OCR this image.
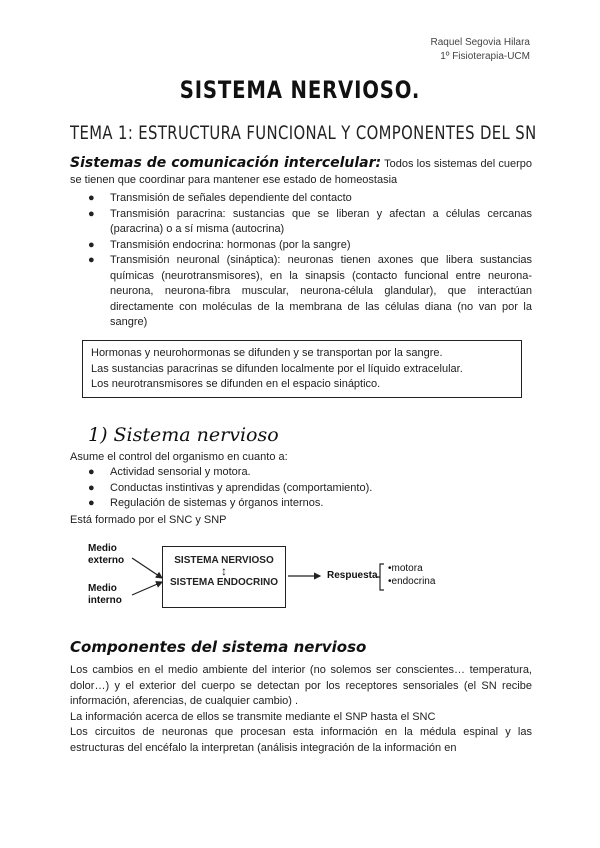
Raquel Segovia Hilara
1º Fisioterapia-UCM
SISTEMA NERVIOSO.
TEMA 1: ESTRUCTURA FUNCIONAL Y COMPONENTES DEL SN
Sistemas de comunicación intercelular: Todos los sistemas del cuerpo se tienen que coordinar para mantener ese estado de homeostasia
● Transmisión de señales dependiente del contacto
● Transmisión paracrina: sustancias que se liberan y afectan a células cercanas (paracrina) o a sí misma (autocrina)
● Transmisión endocrina: hormonas (por la sangre)
● Transmisión neuronal (sináptica): neuronas tienen axones que libera sustancias químicas (neurotransmisores), en la sinapsis (contacto funcional entre neurona-neurona, neurona-fibra muscular, neurona-célula glandular), que interactúan directamente con moléculas de la membrana de las células diana (no van por la sangre)
Hormonas y neurohormonas se difunden y se transportan por la sangre.
Las sustancias paracrinas se difunden localmente por el líquido extracelular.
Los neurotransmisores se difunden en el espacio sináptico.
1) Sistema nervioso
Asume el control del organismo en cuanto a:
● Actividad sensorial y motora.
● Conductas instintivas y aprendidas (comportamiento).
● Regulación de sistemas y órganos internos.
Está formado por el SNC y SNP
Medio
externo
Medio
interno
SISTEMA NERVIOSO
↕
SISTEMA ENDOCRINO
Respuesta
•motora
•endocrina
Componentes del sistema nervioso
Los cambios en el medio ambiente del interior (no solemos ser conscientes… temperatura, dolor…) y el exterior del cuerpo se detectan por los receptores sensoriales (el SN recibe información, aferencias, de cualquier cambio) .
La información acerca de ellos se transmite mediante el SNP hasta el SNC
Los circuitos de neuronas que procesan esta información en la médula espinal y las estructuras del encéfalo la interpretan (análisis integración de la información en
